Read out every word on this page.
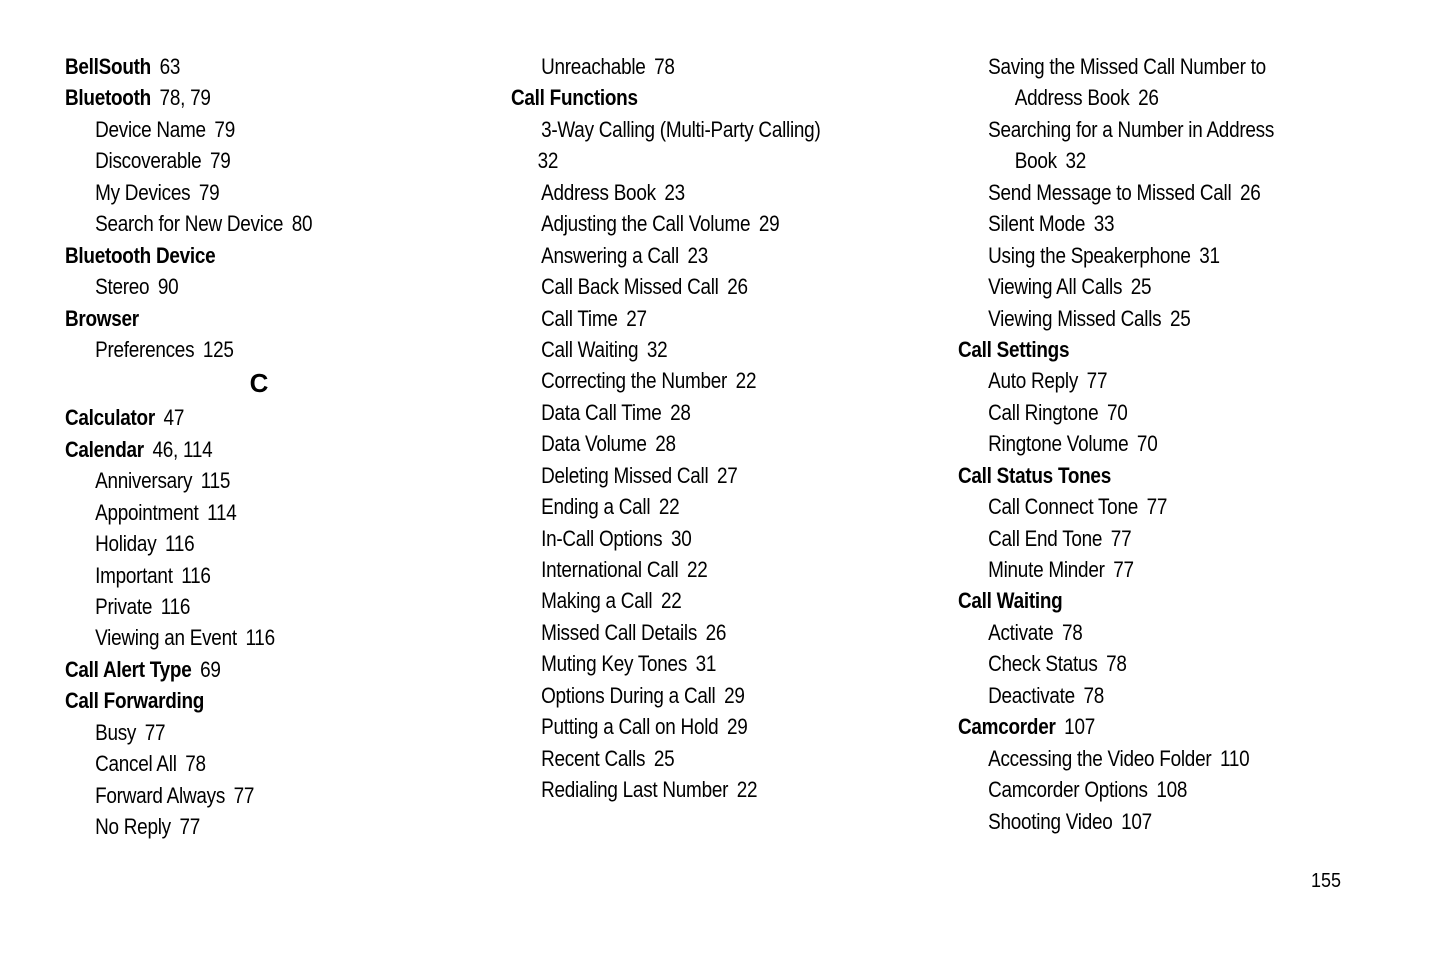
BellSouth 63
Bluetooth 78, 79
Device Name 79
Discoverable 79
My Devices 79
Search for New Device 80
Bluetooth Device
Stereo 90
Browser
Preferences 125
C
Calculator 47
Calendar 46, 114
Anniversary 115
Appointment 114
Holiday 116
Important 116
Private 116
Viewing an Event 116
Call Alert Type 69
Call Forwarding
Busy 77
Cancel All 78
Forward Always 77
No Reply 77
Unreachable 78
Call Functions
3-Way Calling (Multi-Party Calling)
32
Address Book 23
Adjusting the Call Volume 29
Answering a Call 23
Call Back Missed Call 26
Call Time 27
Call Waiting 32
Correcting the Number 22
Data Call Time 28
Data Volume 28
Deleting Missed Call 27
Ending a Call 22
In-Call Options 30
International Call 22
Making a Call 22
Missed Call Details 26
Muting Key Tones 31
Options During a Call 29
Putting a Call on Hold 29
Recent Calls 25
Redialing Last Number 22
Saving the Missed Call Number to
Address Book 26
Searching for a Number in Address
Book 32
Send Message to Missed Call 26
Silent Mode 33
Using the Speakerphone 31
Viewing All Calls 25
Viewing Missed Calls 25
Call Settings
Auto Reply 77
Call Ringtone 70
Ringtone Volume 70
Call Status Tones
Call Connect Tone 77
Call End Tone 77
Minute Minder 77
Call Waiting
Activate 78
Check Status 78
Deactivate 78
Camcorder 107
Accessing the Video Folder 110
Camcorder Options 108
Shooting Video 107
155
